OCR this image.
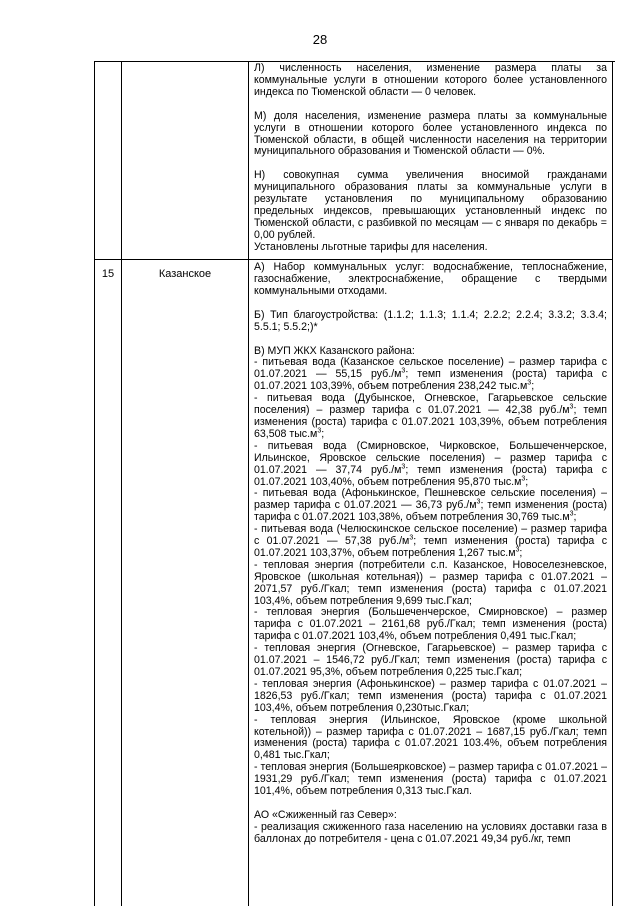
28

Л) численность населения, изменение размера платы за коммунальные услуги в отношении которого более установленного индекса по Тюменской области — 0 человек.

М) доля населения, изменение размера платы за коммунальные услуги в отношении которого более установленного индекса по Тюменской области, в общей численности населения на территории муниципального образования и Тюменской области — 0%.

Н) совокупная сумма увеличения вносимой гражданами муниципального образования платы за коммунальные услуги в результате установления по муниципальному образованию предельных индексов, превышающих установленный индекс по Тюменской области, с разбивкой по месяцам — с января по декабрь = 0,00 рублей.

Установлены льготные тарифы для населения.

15	Казанское

А) Набор коммунальных услуг: водоснабжение, теплоснабжение, газоснабжение, электроснабжение, обращение с твердыми коммунальными отходами.

Б) Тип благоустройства: (1.1.2; 1.1.3; 1.1.4; 2.2.2; 2.2.4; 3.3.2; 3.3.4; 5.5.1; 5.5.2;)*

В) МУП ЖКХ Казанского района:

- питьевая вода (Казанское сельское поселение) – размер тарифа с 01.07.2021 — 55,15 $руб./м^3$; темп изменения (роста) тарифа с 01.07.2021 103,39%, объем потребления 238,242 $тыс.м^3$;

- питьевая вода (Дубынское, Огневское, Гагарьевское сельские поселения) – размер тарифа с 01.07.2021 — 42,38 $руб./м^3$; темп изменения (роста) тарифа с 01.07.2021 103,39%, объем потребления 63,508 $тыс.м^3$;

- питьевая вода (Смирновское, Чирковское, Большеченчерское, Ильинское, Яровское сельские поселения) – размер тарифа с 01.07.2021 — 37,74 $руб./м^3$; темп изменения (роста) тарифа с 01.07.2021 103,40%, объем потребления 95,870 $тыс.м^3$;

- питьевая вода (Афонькинское, Пешневское сельские поселения) – размер тарифа с 01.07.2021 — 36,73 $руб./м^3$; темп изменения (роста) тарифа с 01.07.2021 103,38%, объем потребления 30,769 $тыс.м^3$;

- питьевая вода (Челюскинское сельское поселение) – размер тарифа с 01.07.2021 — 57,38 $руб./м^3$; темп изменения (роста) тарифа с 01.07.2021 103,37%, объем потребления 1,267 $тыс.м^3$;

- тепловая энергия (потребители с.п. Казанское, Новоселезневское, Яровское (школьная котельная)) – размер тарифа с 01.07.2021 – 2071,57 руб./Гкал; темп изменения (роста) тарифа с 01.07.2021 103,4%, объем потребления 9,699 тыс.Гкал;

- тепловая энергия (Большеченчерское, Смирновское) – размер тарифа с 01.07.2021 – 2161,68 руб./Гкал; темп изменения (роста) тарифа с 01.07.2021 103,4%, объем потребления 0,491 тыс.Гкал;

- тепловая энергия (Огневское, Гагарьевское) – размер тарифа с 01.07.2021 – 1546,72 руб./Гкал; темп изменения (роста) тарифа с 01.07.2021 95,3%, объем потребления 0,225 тыс.Гкал;

- тепловая энергия (Афонькинское) – размер тарифа с 01.07.2021 – 1826,53 руб./Гкал; темп изменения (роста) тарифа с 01.07.2021 103,4%, объем потребления 0,230тыс.Гкал;

- тепловая энергия (Ильинское, Яровское (кроме школьной котельной)) – размер тарифа с 01.07.2021 – 1687,15 руб./Гкал; темп изменения (роста) тарифа с 01.07.2021 103.4%, объем потребления 0,481 тыс.Гкал;

- тепловая энергия (Большеярковское) – размер тарифа с 01.07.2021 – 1931,29 руб./Гкал; темп изменения (роста) тарифа с 01.07.2021 101,4%, объем потребления 0,313 тыс.Гкал.

АО «Сжиженный газ Север»:

- реализация сжиженного газа населению на условиях доставки газа в баллонах до потребителя - цена с 01.07.2021 49,34 руб./кг, темп
